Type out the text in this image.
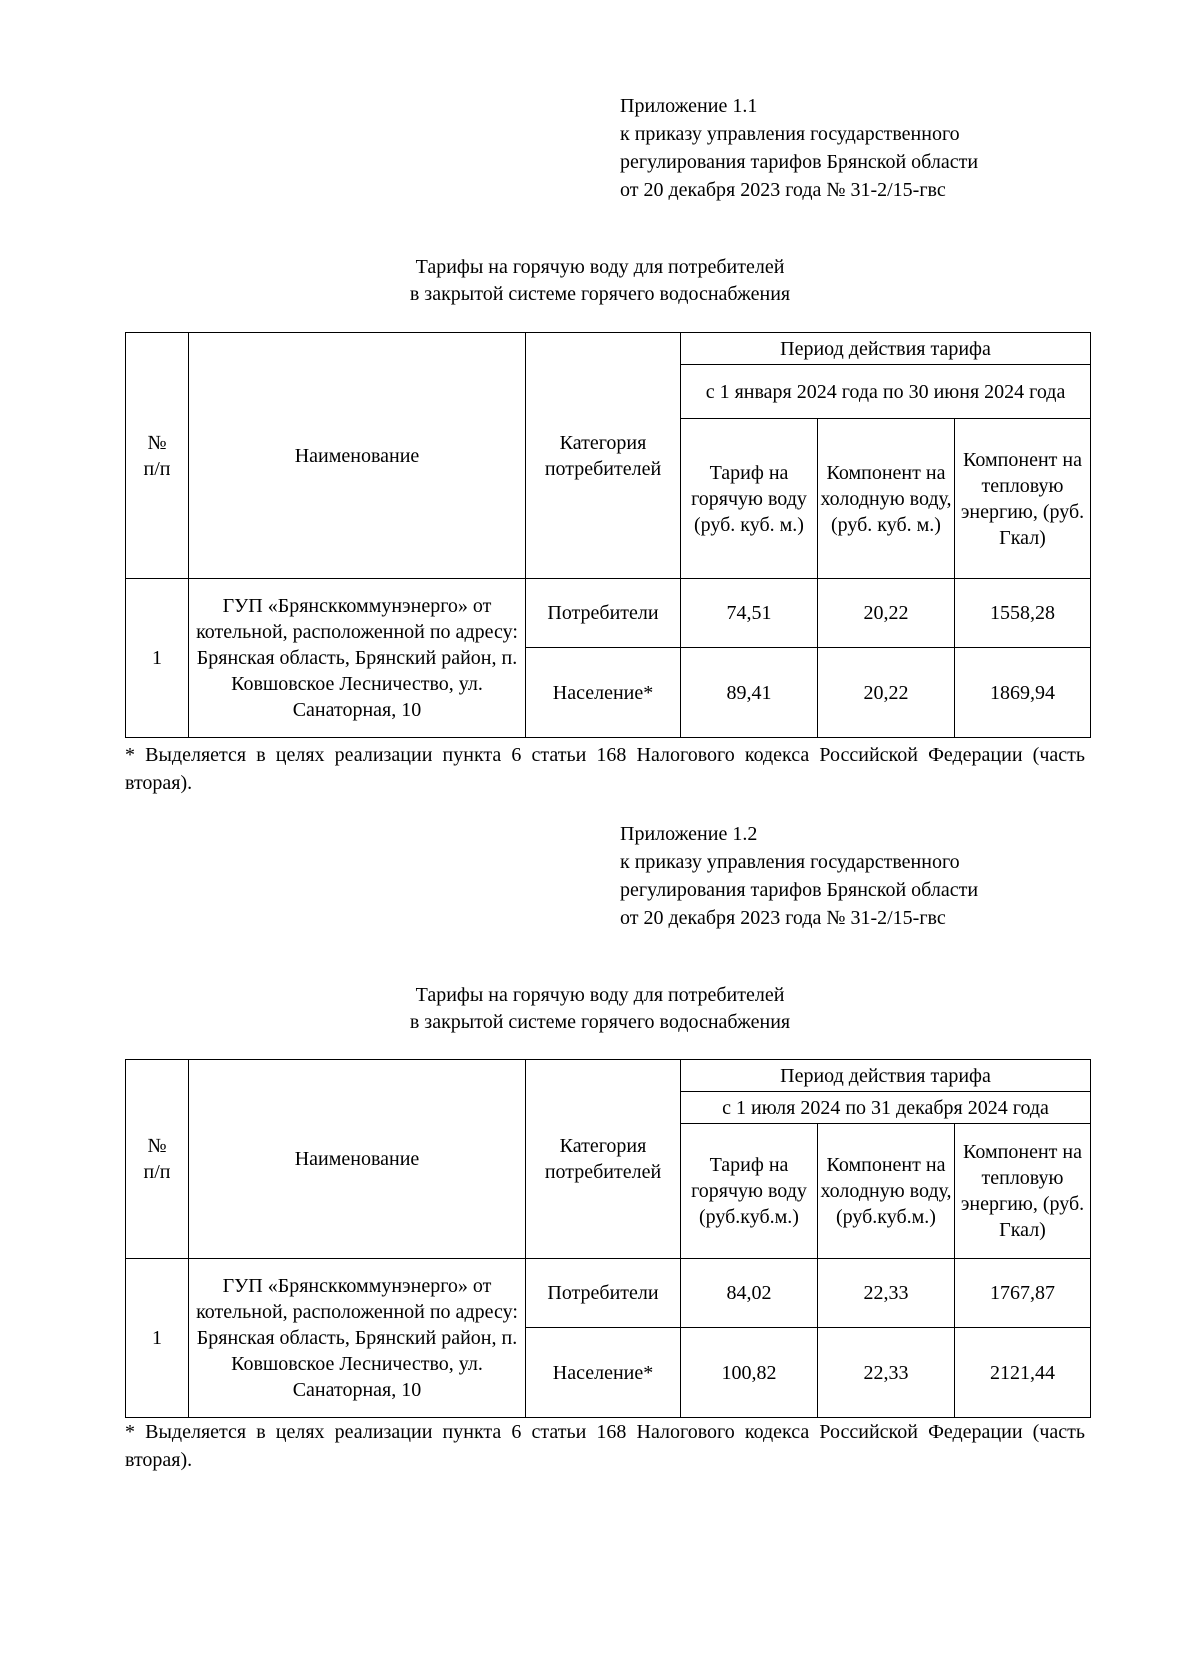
Приложение 1.1
к приказу управления государственного
регулирования тарифов Брянской области
от 20 декабря 2023 года № 31-2/15-гвс
Тарифы на горячую воду для потребителей
в закрытой системе горячего водоснабжения
№
п/п	Наименование	Категория потребителей	Период действия тарифа		
			с 1 января 2024 года по 30 июня 2024 года		
			Тариф на горячую воду (руб. куб. м.)	Компонент на холодную воду, (руб. куб. м.)	Компонент на тепловую энергию, (руб. Гкал)
1	ГУП «Брянсккоммунэнерго» от котельной, расположенной по адресу: Брянская область, Брянский район, п. Ковшовское Лесничество, ул. Санаторная, 10	Потребители	74,51	20,22	1558,28
		Население*	89,41	20,22	1869,94
* Выделяется в целях реализации пункта 6 статьи 168 Налогового кодекса Российской Федерации (часть вторая).
Приложение 1.2
к приказу управления государственного
регулирования тарифов Брянской области
от 20 декабря 2023 года № 31-2/15-гвс
Тарифы на горячую воду для потребителей
в закрытой системе горячего водоснабжения
№
п/п	Наименование	Категория потребителей	Период действия тарифа		
			с 1 июля 2024 по 31 декабря 2024 года		
			Тариф на горячую воду (руб.куб.м.)	Компонент на холодную воду, (руб.куб.м.)	Компонент на тепловую энергию, (руб. Гкал)
1	ГУП «Брянсккоммунэнерго» от котельной, расположенной по адресу: Брянская область, Брянский район, п. Ковшовское Лесничество, ул. Санаторная, 10	Потребители	84,02	22,33	1767,87
		Население*	100,82	22,33	2121,44
* Выделяется в целях реализации пункта 6 статьи 168 Налогового кодекса Российской Федерации (часть вторая).
